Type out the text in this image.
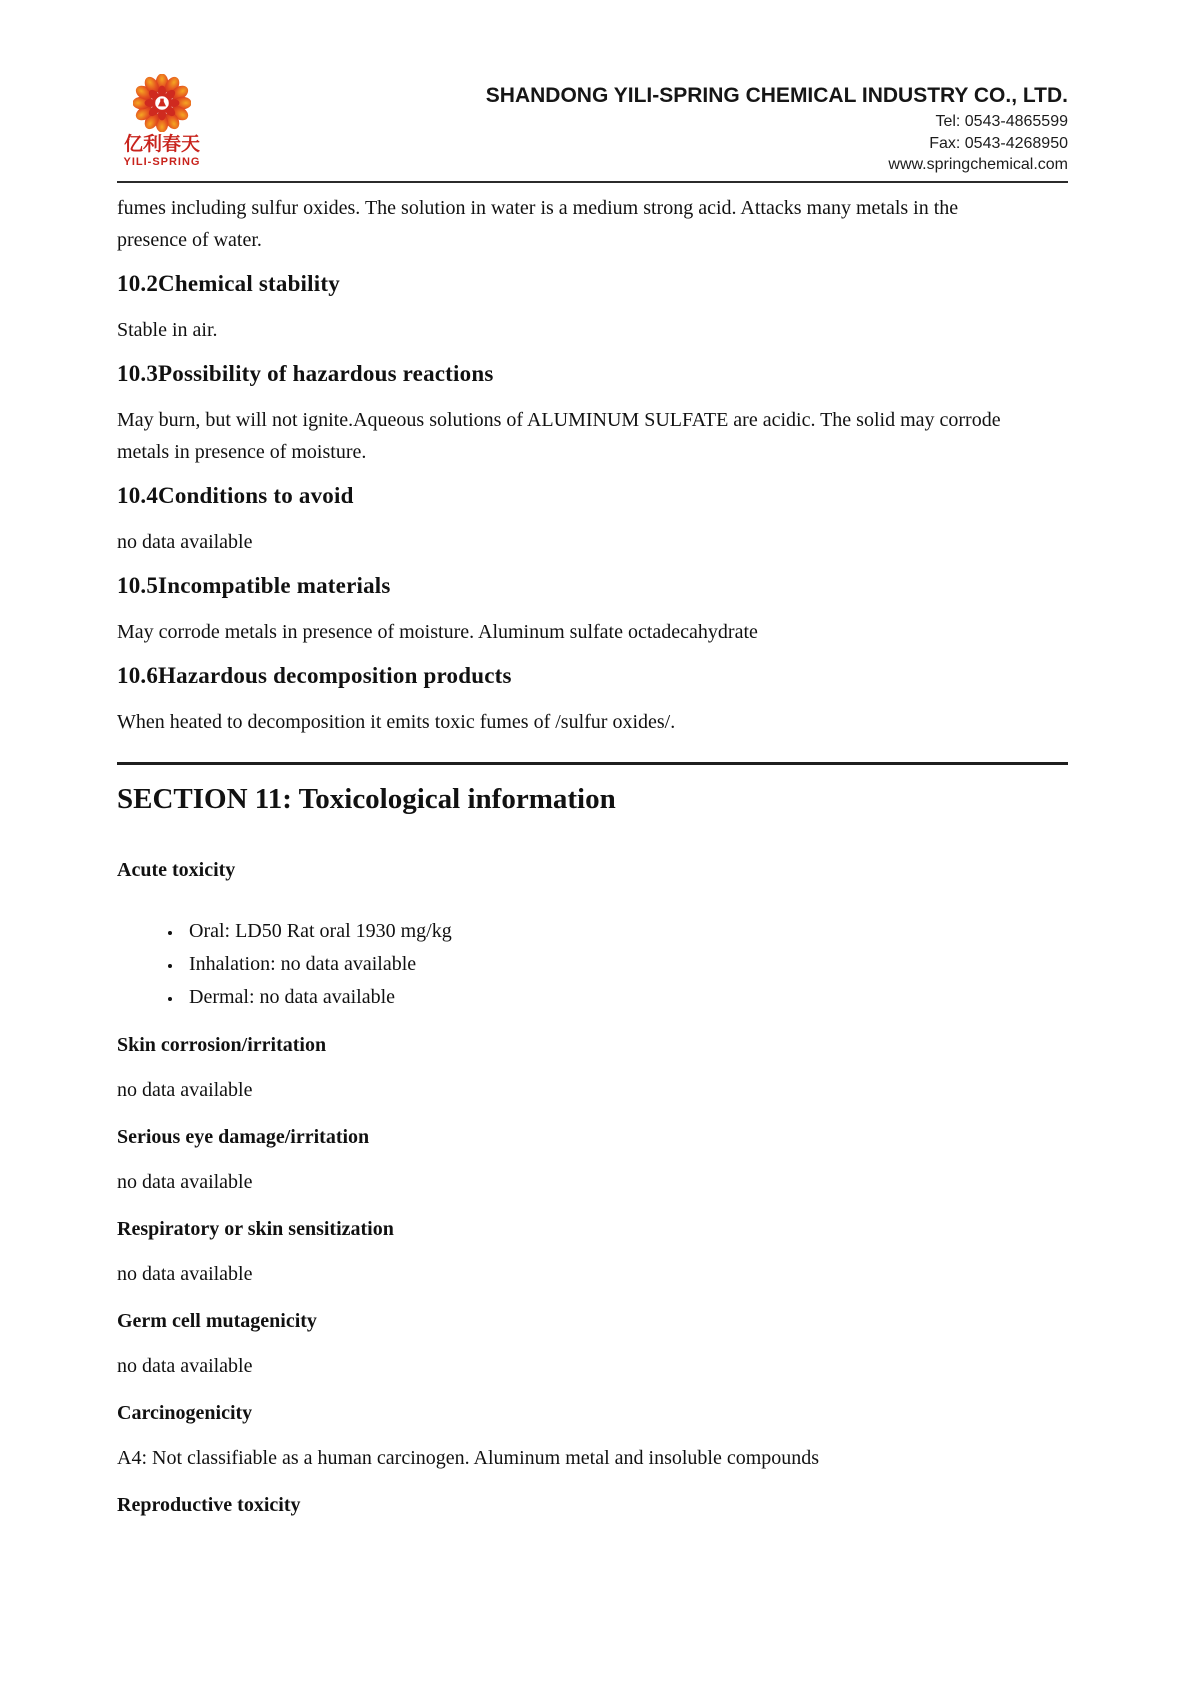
亿利春天
YILI-SPRING
SHANDONG YILI-SPRING CHEMICAL INDUSTRY CO., LTD.
Tel: 0543-4865599
Fax: 0543-4268950
www.springchemical.com

fumes including sulfur oxides. The solution in water is a medium strong acid. Attacks many metals in the
presence of water.

10.2Chemical stability

Stable in air.

10.3Possibility of hazardous reactions

May burn, but will not ignite.Aqueous solutions of ALUMINUM SULFATE are acidic. The solid may corrode
metals in presence of moisture.

10.4Conditions to avoid

no data available

10.5Incompatible materials

May corrode metals in presence of moisture. Aluminum sulfate octadecahydrate

10.6Hazardous decomposition products

When heated to decomposition it emits toxic fumes of /sulfur oxides/.

SECTION 11: Toxicological information
Acute toxicity
• Oral: LD50 Rat oral 1930 mg/kg
• Inhalation: no data available
• Dermal: no data available
Skin corrosion/irritation

no data available

Serious eye damage/irritation

no data available

Respiratory or skin sensitization

no data available

Germ cell mutagenicity

no data available

Carcinogenicity

A4: Not classifiable as a human carcinogen. Aluminum metal and insoluble compounds

Reproductive toxicity
